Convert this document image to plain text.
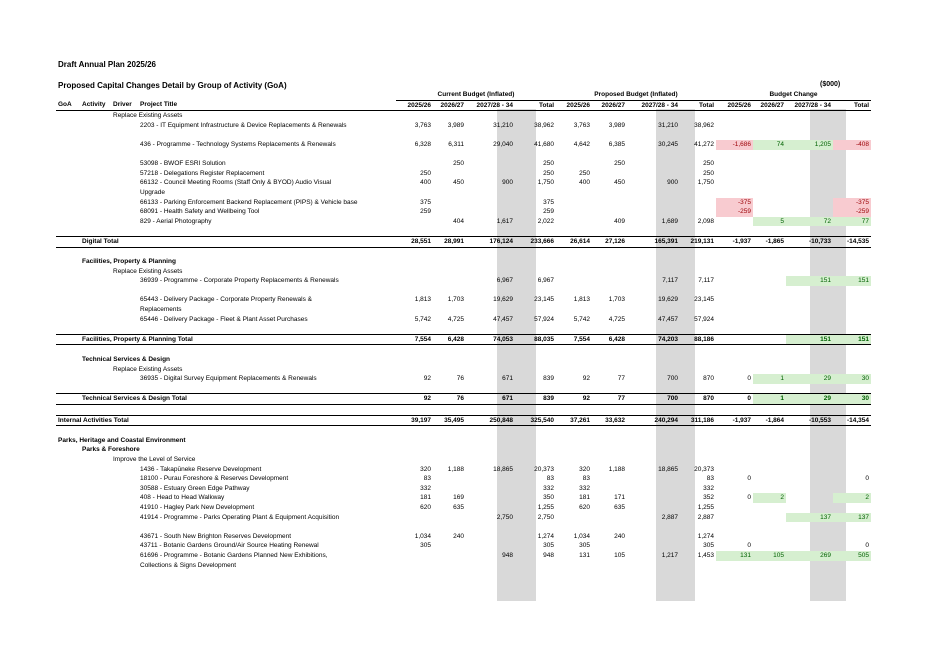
Draft Annual Plan 2025/26
Proposed Capital Changes Detail by Group of Activity (GoA)	($000)
				Current Budget (Inflated)				Proposed Budget (Inflated)				Budget Change			
GoA	Activity	Driver	Project Title	2025/26	2026/27	2027/28 - 34	Total	2025/26	2026/27	2027/28 - 34	Total	2025/26	2026/27	2027/28 - 34	Total
		Replace Existing Assets													
			2203 - IT Equipment Infrastructure & Device Replacements & Renewals	3,763	3,989	31,210	38,962	3,763	3,989	31,210	38,962				

			436 - Programme - Technology Systems Replacements & Renewals	6,328	6,311	29,040	41,680	4,642	6,385	30,245	41,272	-1,686	74	1,205	-408

			53098 - BWOF ESRI Solution		250		250		250		250				
			57218 - Delegations Register Replacement	250			250	250			250				
			66132 - Council Meeting Rooms (Staff Only & BYOD) Audio Visual	400	450	900	1,750	400	450	900	1,750				
			Upgrade												
			66133 - Parking Enforcement Backend Replacement (PIPS) & Vehicle base	375			375					-375			-375
			68091 - Health Safety and Wellbeing Tool	259			259					-259			-259
			829 - Aerial Photography		404	1,617	2,022		409	1,689	2,098		5	72	77

	Digital Total			28,551	28,991	176,124	233,666	26,614	27,126	165,391	219,131	-1,937	-1,865	-10,733	-14,535

	Facilities, Property & Planning														
		Replace Existing Assets													
			36939 - Programme - Corporate Property Replacements & Renewals			6,967	6,967			7,117	7,117			151	151

			65443 - Delivery Package - Corporate Property Renewals &	1,813	1,703	19,629	23,145	1,813	1,703	19,629	23,145				
			Replacements												
			65446 - Delivery Package - Fleet & Plant Asset Purchases	5,742	4,725	47,457	57,924	5,742	4,725	47,457	57,924				

	Facilities, Property & Planning Total			7,554	6,428	74,053	88,035	7,554	6,428	74,203	88,186			151	151

	Technical Services & Design														
		Replace Existing Assets													
			36935 - Digital Survey Equipment Replacements & Renewals	92	76	671	839	92	77	700	870	0	1	29	30

	Technical Services & Design Total			92	76	671	839	92	77	700	870	0	1	29	30

Internal Activities Total				39,197	35,495	250,848	325,540	37,261	33,632	240,294	311,186	-1,937	-1,864	-10,553	-14,354

Parks, Heritage and Coastal Environment															
	Parks & Foreshore														
		Improve the Level of Service													
			1436 - Takapūneke Reserve Development	320	1,188	18,865	20,373	320	1,188	18,865	20,373				
			18100 - Purau Foreshore & Reserves Development	83			83	83			83	0			0
			30588 - Estuary Green Edge Pathway	332			332	332			332				
			408 - Head to Head Walkway	181	169		350	181	171		352	0	2		2
			41910 - Hagley Park New Development	620	635		1,255	620	635		1,255				
			41914 - Programme - Parks Operating Plant & Equipment Acquisition			2,750	2,750			2,887	2,887			137	137

			43671 - South New Brighton Reserves Development	1,034	240		1,274	1,034	240		1,274				
			43711 - Botanic Gardens Ground/Air Source Heating Renewal	305			305	305			305	0			0
			61696 - Programme - Botanic Gardens Planned New Exhibitions,			948	948	131	105	1,217	1,453	131	105	269	505
			Collections & Signs Development												
